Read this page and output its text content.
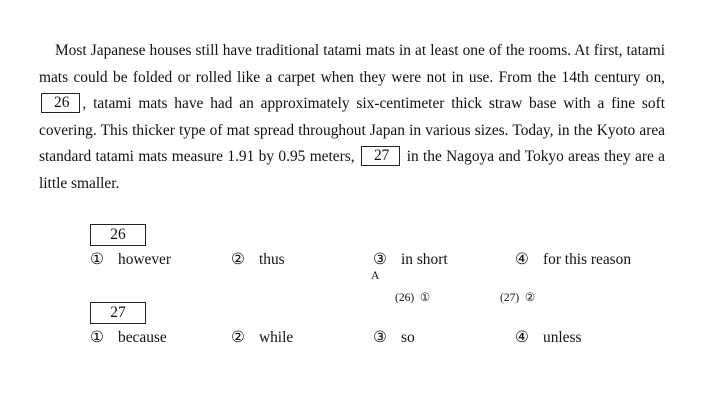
Most Japanese houses still have traditional tatami mats in at least one of the rooms. At first, tatami mats could be folded or rolled like a carpet when they were not in use. From the 14th century on, 26 , tatami mats have had an approximately six-centimeter thick straw base with a fine soft covering. This thicker type of mat spread throughout Japan in various sizes. Today, in the Kyoto area standard tatami mats measure 1.91 by 0.95 meters, 27 in the Nagoya and Tokyo areas they are a little smaller.

26
① however	② thus	③ in short	④ for this reason
A
(26) ①	(27) ②
27
① because	② while	③ so	④ unless
